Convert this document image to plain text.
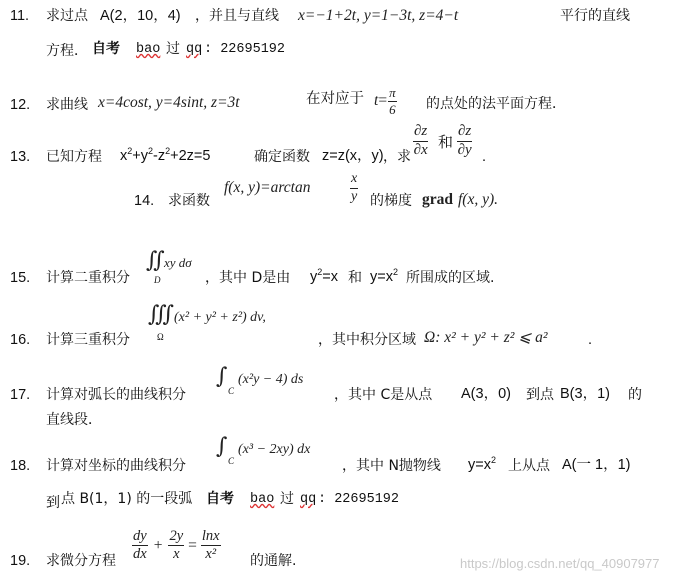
11. 求过点 A(2，10，4) ，并且与直线 x=−1+2t, y=1−3t, z=4−t	平行的直线
方程． 自考 bao 过 qq : 22695192
12. 求曲线 x=4cost, y=4sint, z=3t	在对应于 $t= \frac{\pi}{6}$ 的点处的法平面方程．
13. 已知方程 $x^2+y^2-z^2+2z=5$	确定函数 z=z(x，y) ，求 $\frac{\partial z}{\partial x}$ 和 $\frac{\partial z}{\partial y}$ .
14. 求函数
f(x, y)=arctan	$\frac{x}{y}$ 的梯度 grad f(x, y).
15. 计算二重积分
∬ xy dσ
D	，其中 D是由 $y^2=x$ 和 $y=x^2$ 所围成的区域.
16. 计算三重积分
∭ (x² + y² + z²) dv,
Ω	，其中积分区域 Ω: x² + y² + z² ⩽ a²	.
17. 计算对弧长的曲线积分
∫
C
(x²y − 4) ds
，其中 C是从点 A(3，0) 到点 B(3，1) 的
直线段．
18. 计算对坐标的曲线积分
∫
C
(x³ − 2xy) dx
，其中 N抛物线 $y=x^2$ 上从点 A(一 1，1)
到 点 B(1，1) 的一段弧 自考 bao 过 qq : 22695192
19. 求微分方程 $\frac{dy}{dx} + \frac{2y}{x} = \frac{\ln x}{\text{x²}}$ 的通解.	https://blog.csdn.net/qq_40907977
